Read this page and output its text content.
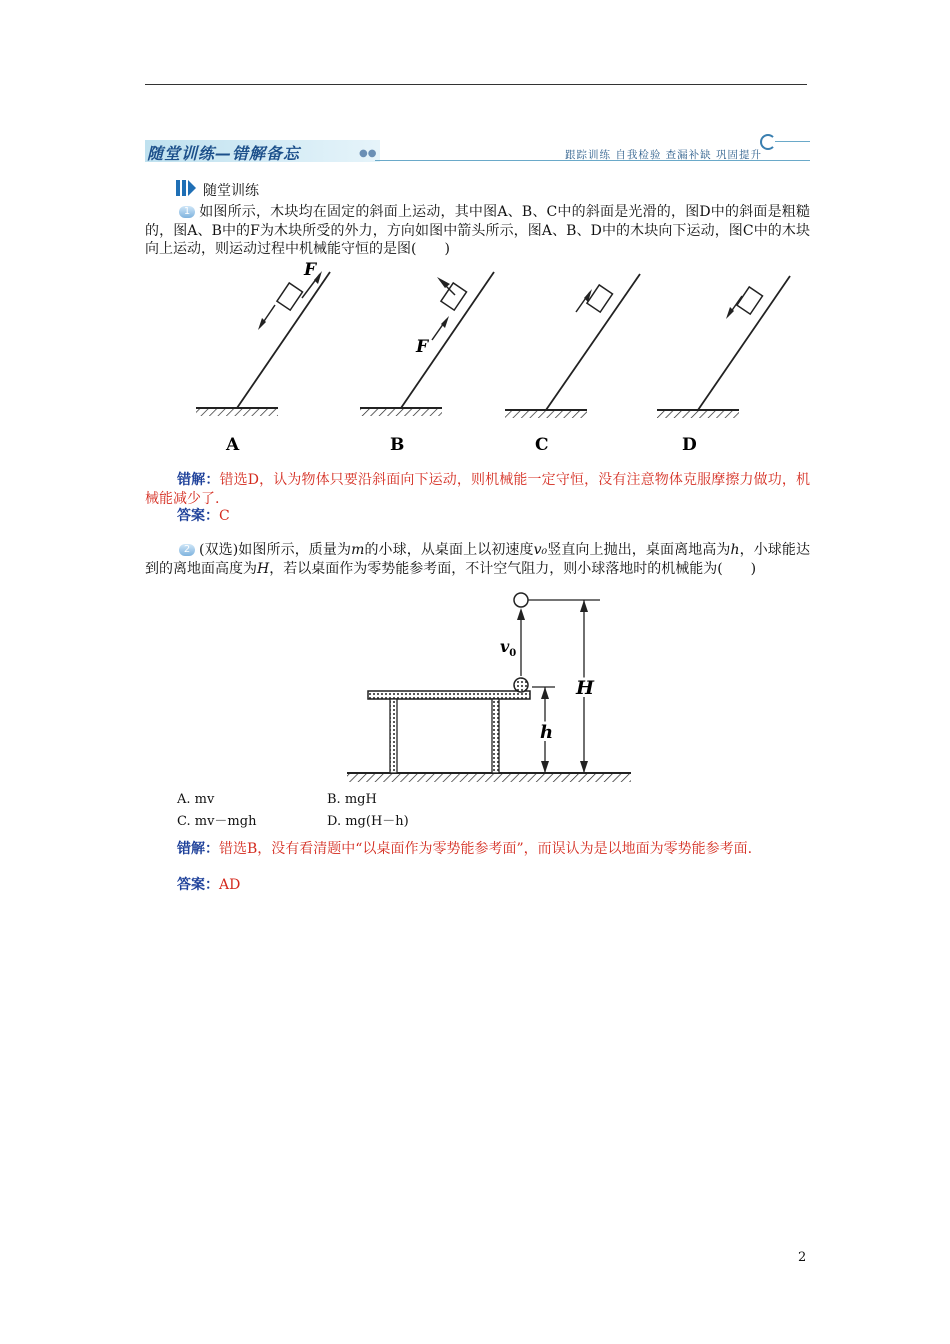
随堂训练—错解备忘	●●	跟踪训练 自我检验 查漏补缺 巩固提升
随堂训练
1 如图所示，木块均在固定的斜面上运动，其中图A、B、C中的斜面是光滑的，图D中的斜面是粗糙的，图A、B中的F为木块所受的外力，方向如图中箭头所示，图A、B、D中的木块向下运动，图C中的木块向上运动，则运动过程中机械能守恒的是图(　　)
F
F
A	B	C	D
错解：错选D，认为物体只要沿斜面向下运动，则机械能一定守恒，没有注意物体克服摩擦力做功，机械能减少了.
答案：C
2 (双选)如图所示，质量为m的小球，从桌面上以初速度v₀竖直向上抛出，桌面离地高为h，小球能达到的离地面高度为H，若以桌面作为零势能参考面，不计空气阻力，则小球落地时的机械能为(　　)
$v_0$
H
h
A. mv	B. mgH
C. mv－mgh	D. mg(H－h)
错解：错选B，没有看清题中“以桌面作为零势能参考面”，而误认为是以地面为零势能参考面.
答案：AD
2
